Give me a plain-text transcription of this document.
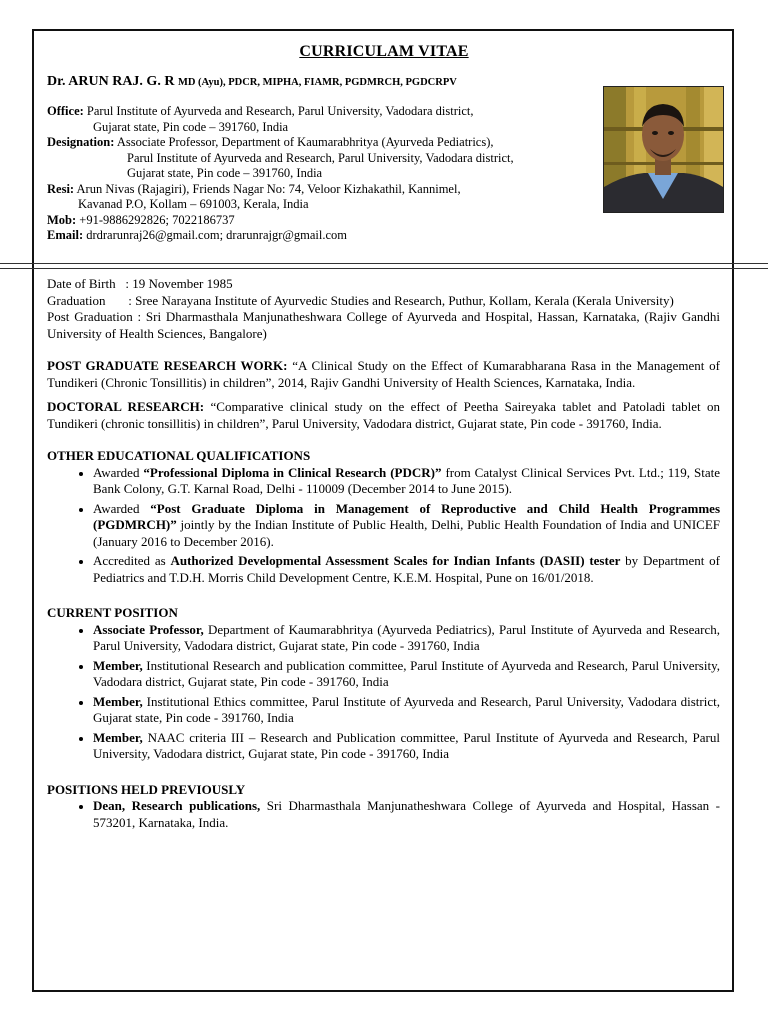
CURRICULAM VITAE
Dr. ARUN RAJ. G. R MD (Ayu), PDCR, MIPHA, FIAMR, PGDMRCH, PGDCRPV
Office: Parul Institute of Ayurveda and Research, Parul University, Vadodara district,
Gujarat state, Pin code – 391760, India
Designation: Associate Professor, Department of Kaumarabhritya (Ayurveda Pediatrics),
Parul Institute of Ayurveda and Research, Parul University, Vadodara district,
Gujarat state, Pin code – 391760, India
Resi: Arun Nivas (Rajagiri), Friends Nagar No: 74, Veloor Kizhakathil, Kannimel,
Kavanad P.O, Kollam – 691003, Kerala, India
Mob: +91-9886292826; 7022186737
Email: drdrarunraj26@gmail.com; drarunrajgr@gmail.com

Date of Birth   : 19 November 1985

Graduation       : Sree Narayana Institute of Ayurvedic Studies and Research, Puthur, Kollam, Kerala (Kerala University)

Post Graduation : Sri Dharmasthala Manjunatheshwara College of Ayurveda and Hospital, Hassan, Karnataka, (Rajiv Gandhi University of Health Sciences, Bangalore)

POST GRADUATE RESEARCH WORK: “A Clinical Study on the Effect of Kumarabharana Rasa in the Management of Tundikeri (Chronic Tonsillitis) in children”, 2014, Rajiv Gandhi University of Health Sciences, Karnataka, India.

DOCTORAL RESEARCH: “Comparative clinical study on the effect of Peetha Saireyaka tablet and Patoladi tablet on Tundikeri (chronic tonsillitis) in children”, Parul University, Vadodara district, Gujarat state, Pin code - 391760, India.

OTHER EDUCATIONAL QUALIFICATIONS

• Awarded “Professional Diploma in Clinical Research (PDCR)” from Catalyst Clinical Services Pvt. Ltd.; 119, State Bank Colony, G.T. Karnal Road, Delhi - 110009 (December 2014 to June 2015).
• Awarded “Post Graduate Diploma in Management of Reproductive and Child Health Programmes (PGDMRCH)” jointly by the Indian Institute of Public Health, Delhi, Public Health Foundation of India and UNICEF (January 2016 to December 2016).
• Accredited as Authorized Developmental Assessment Scales for Indian Infants (DASII) tester by Department of Pediatrics and T.D.H. Morris Child Development Centre, K.E.M. Hospital, Pune on 16/01/2018.

CURRENT POSITION

• Associate Professor, Department of Kaumarabhritya (Ayurveda Pediatrics), Parul Institute of Ayurveda and Research, Parul University, Vadodara district, Gujarat state, Pin code - 391760, India
• Member, Institutional Research and publication committee, Parul Institute of Ayurveda and Research, Parul University, Vadodara district, Gujarat state, Pin code - 391760, India
• Member, Institutional Ethics committee, Parul Institute of Ayurveda and Research, Parul University, Vadodara district, Gujarat state, Pin code - 391760, India
• Member, NAAC criteria III – Research and Publication committee, Parul Institute of Ayurveda and Research, Parul University, Vadodara district, Gujarat state, Pin code - 391760, India

POSITIONS HELD PREVIOUSLY

• Dean, Research publications, Sri Dharmasthala Manjunatheshwara College of Ayurveda and Hospital, Hassan - 573201, Karnataka, India.
